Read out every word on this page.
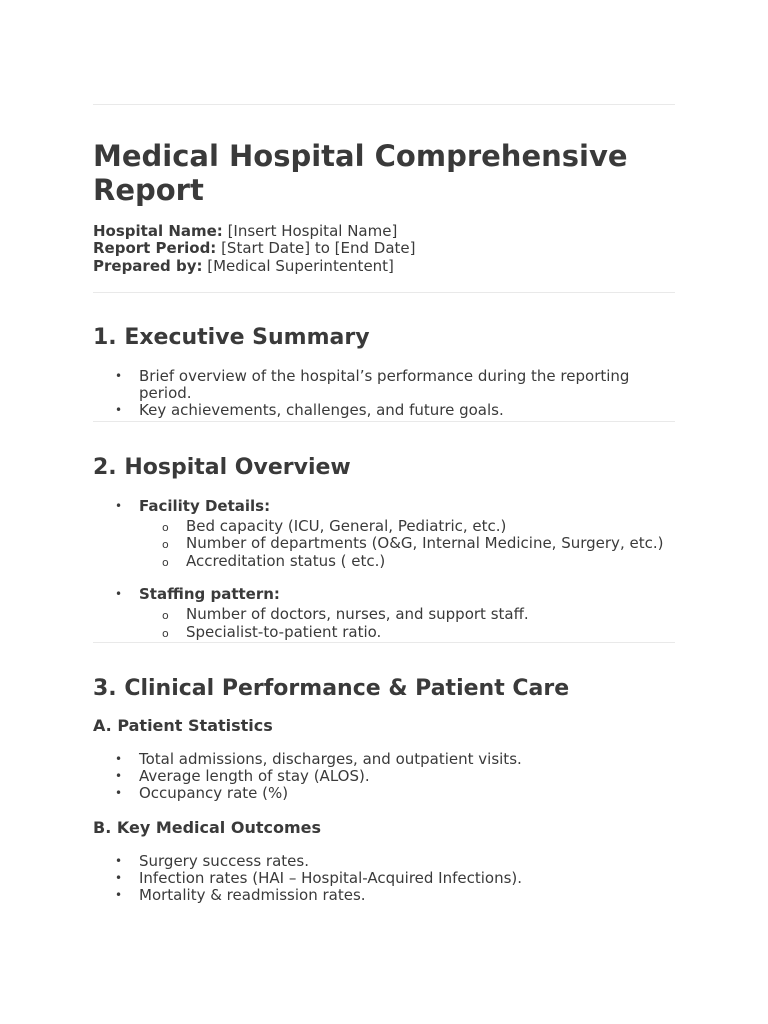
Medical Hospital Comprehensive Report
Hospital Name: [Insert Hospital Name]
Report Period: [Start Date] to [End Date]
Prepared by: [Medical Superintentent]
1. Executive Summary
• Brief overview of the hospital’s performance during the reporting period.
• Key achievements, challenges, and future goals.
2. Hospital Overview
• Facility Details:
o Bed capacity (ICU, General, Pediatric, etc.)
o Number of departments (O&G, Internal Medicine, Surgery, etc.)
o Accreditation status ( etc.)
• Staffing pattern:
o Number of doctors, nurses, and support staff.
o Specialist-to-patient ratio.
3. Clinical Performance & Patient Care
A. Patient Statistics
• Total admissions, discharges, and outpatient visits.
• Average length of stay (ALOS).
• Occupancy rate (%)
B. Key Medical Outcomes
• Surgery success rates.
• Infection rates (HAI – Hospital-Acquired Infections).
• Mortality & readmission rates.
